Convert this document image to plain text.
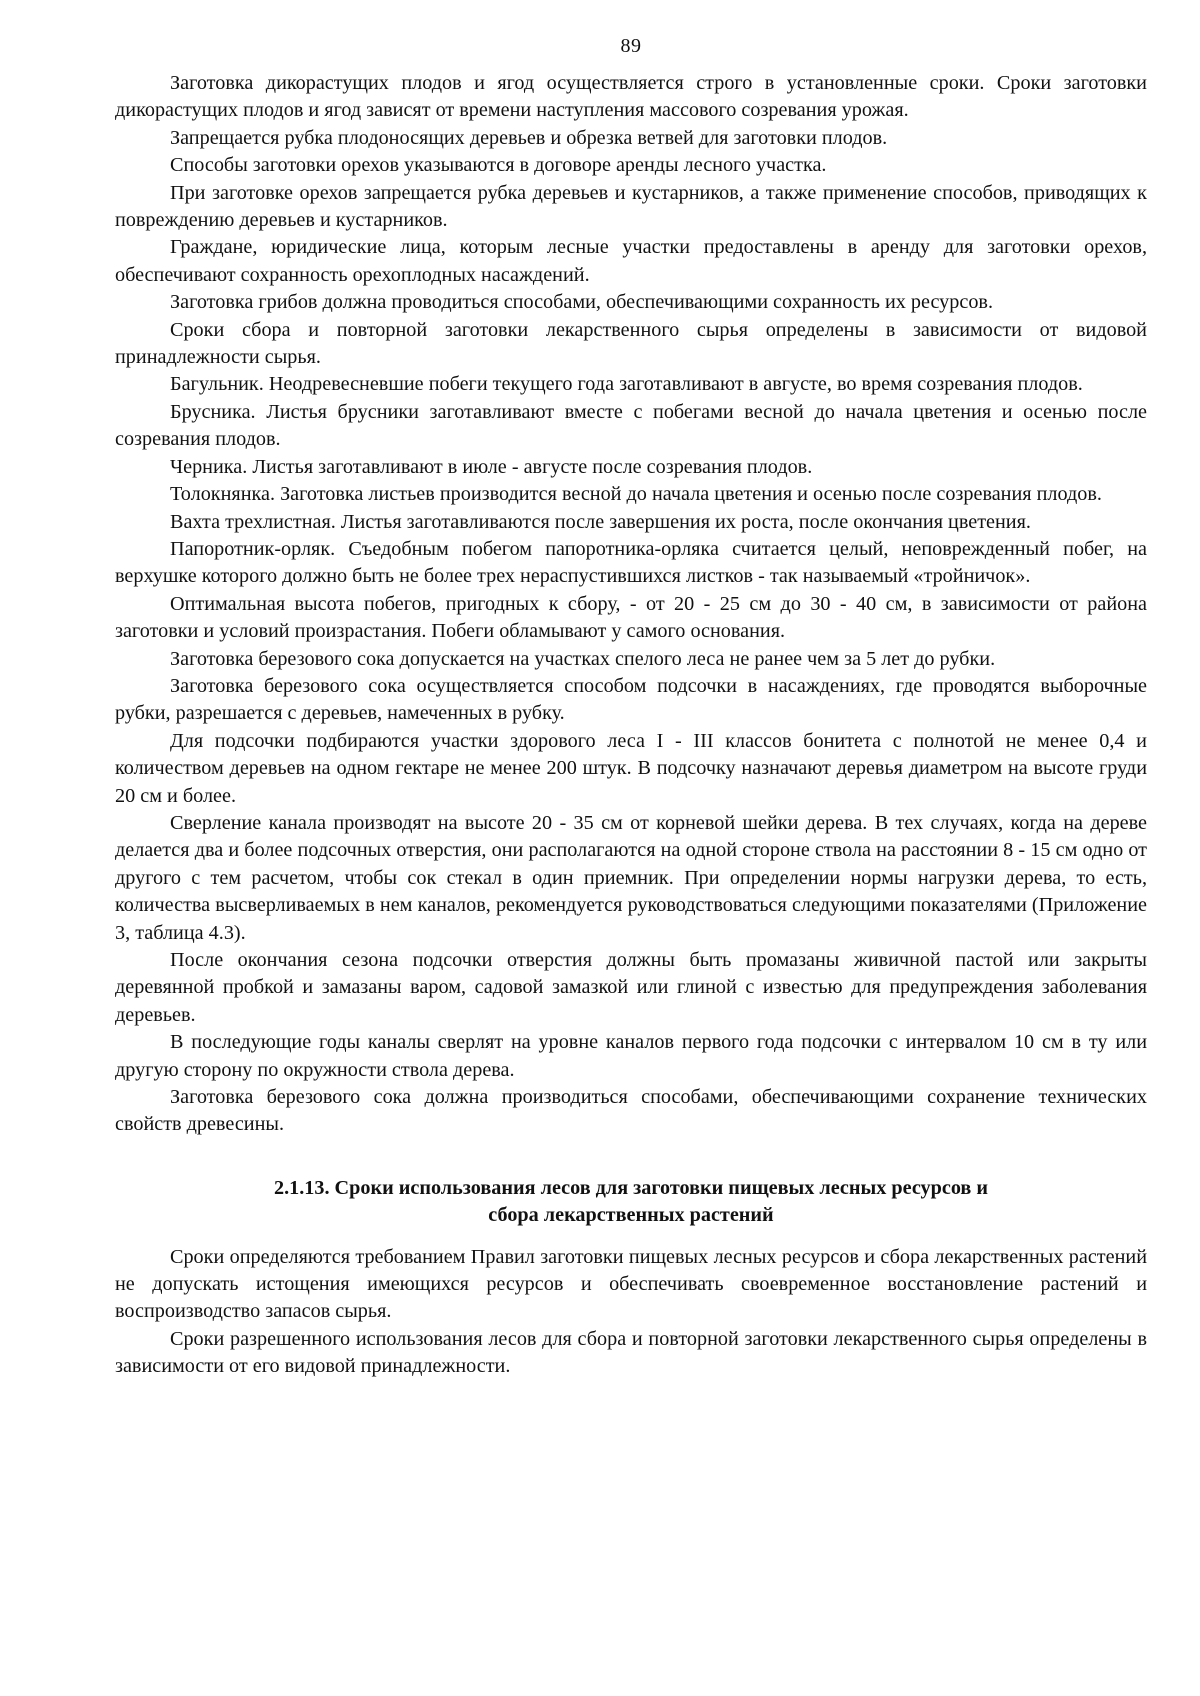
89

Заготовка дикорастущих плодов и ягод осуществляется строго в установленные сроки. Сроки заготовки дикорастущих плодов и ягод зависят от времени наступления массового созревания урожая.

Запрещается рубка плодоносящих деревьев и обрезка ветвей для заготовки плодов.

Способы заготовки орехов указываются в договоре аренды лесного участка.

При заготовке орехов запрещается рубка деревьев и кустарников, а также применение способов, приводящих к повреждению деревьев и кустарников.

Граждане, юридические лица, которым лесные участки предоставлены в аренду для заготовки орехов, обеспечивают сохранность орехоплодных насаждений.

Заготовка грибов должна проводиться способами, обеспечивающими сохранность их ресурсов.

Сроки сбора и повторной заготовки лекарственного сырья определены в зависимости от видовой принадлежности сырья.

Багульник. Неодревесневшие побеги текущего года заготавливают в августе, во время созревания плодов.

Брусника. Листья брусники заготавливают вместе с побегами весной до начала цветения и осенью после созревания плодов.

Черника. Листья заготавливают в июле - августе после созревания плодов.

Толокнянка. Заготовка листьев производится весной до начала цветения и осенью после созревания плодов.

Вахта трехлистная. Листья заготавливаются после завершения их роста, после окончания цветения.

Папоротник-орляк. Съедобным побегом папоротника-орляка считается целый, неповрежденный побег, на верхушке которого должно быть не более трех нераспустившихся листков - так называемый «тройничок».

Оптимальная высота побегов, пригодных к сбору, - от 20 - 25 см до 30 - 40 см, в зависимости от района заготовки и условий произрастания. Побеги обламывают у самого основания.

Заготовка березового сока допускается на участках спелого леса не ранее чем за 5 лет до рубки.

Заготовка березового сока осуществляется способом подсочки в насаждениях, где проводятся выборочные рубки, разрешается с деревьев, намеченных в рубку.

Для подсочки подбираются участки здорового леса I - III классов бонитета с полнотой не менее 0,4 и количеством деревьев на одном гектаре не менее 200 штук. В подсочку назначают деревья диаметром на высоте груди 20 см и более.

Сверление канала производят на высоте 20 - 35 см от корневой шейки дерева. В тех случаях, когда на дереве делается два и более подсочных отверстия, они располагаются на одной стороне ствола на расстоянии 8 - 15 см одно от другого с тем расчетом, чтобы сок стекал в один приемник. При определении нормы нагрузки дерева, то есть, количества высверливаемых в нем каналов, рекомендуется руководствоваться следующими показателями (Приложение 3, таблица 4.3).

После окончания сезона подсочки отверстия должны быть промазаны живичной пастой или закрыты деревянной пробкой и замазаны варом, садовой замазкой или глиной с известью для предупреждения заболевания деревьев.

В последующие годы каналы сверлят на уровне каналов первого года подсочки с интервалом 10 см в ту или другую сторону по окружности ствола дерева.

Заготовка березового сока должна производиться способами, обеспечивающими сохранение технических свойств древесины.

2.1.13. Сроки использования лесов для заготовки пищевых лесных ресурсов и
сбора лекарственных растений

Сроки определяются требованием Правил заготовки пищевых лесных ресурсов и сбора лекарственных растений не допускать истощения имеющихся ресурсов и обеспечивать своевременное восстановление растений и воспроизводство запасов сырья.

Сроки разрешенного использования лесов для сбора и повторной заготовки лекарственного сырья определены в зависимости от его видовой принадлежности.
